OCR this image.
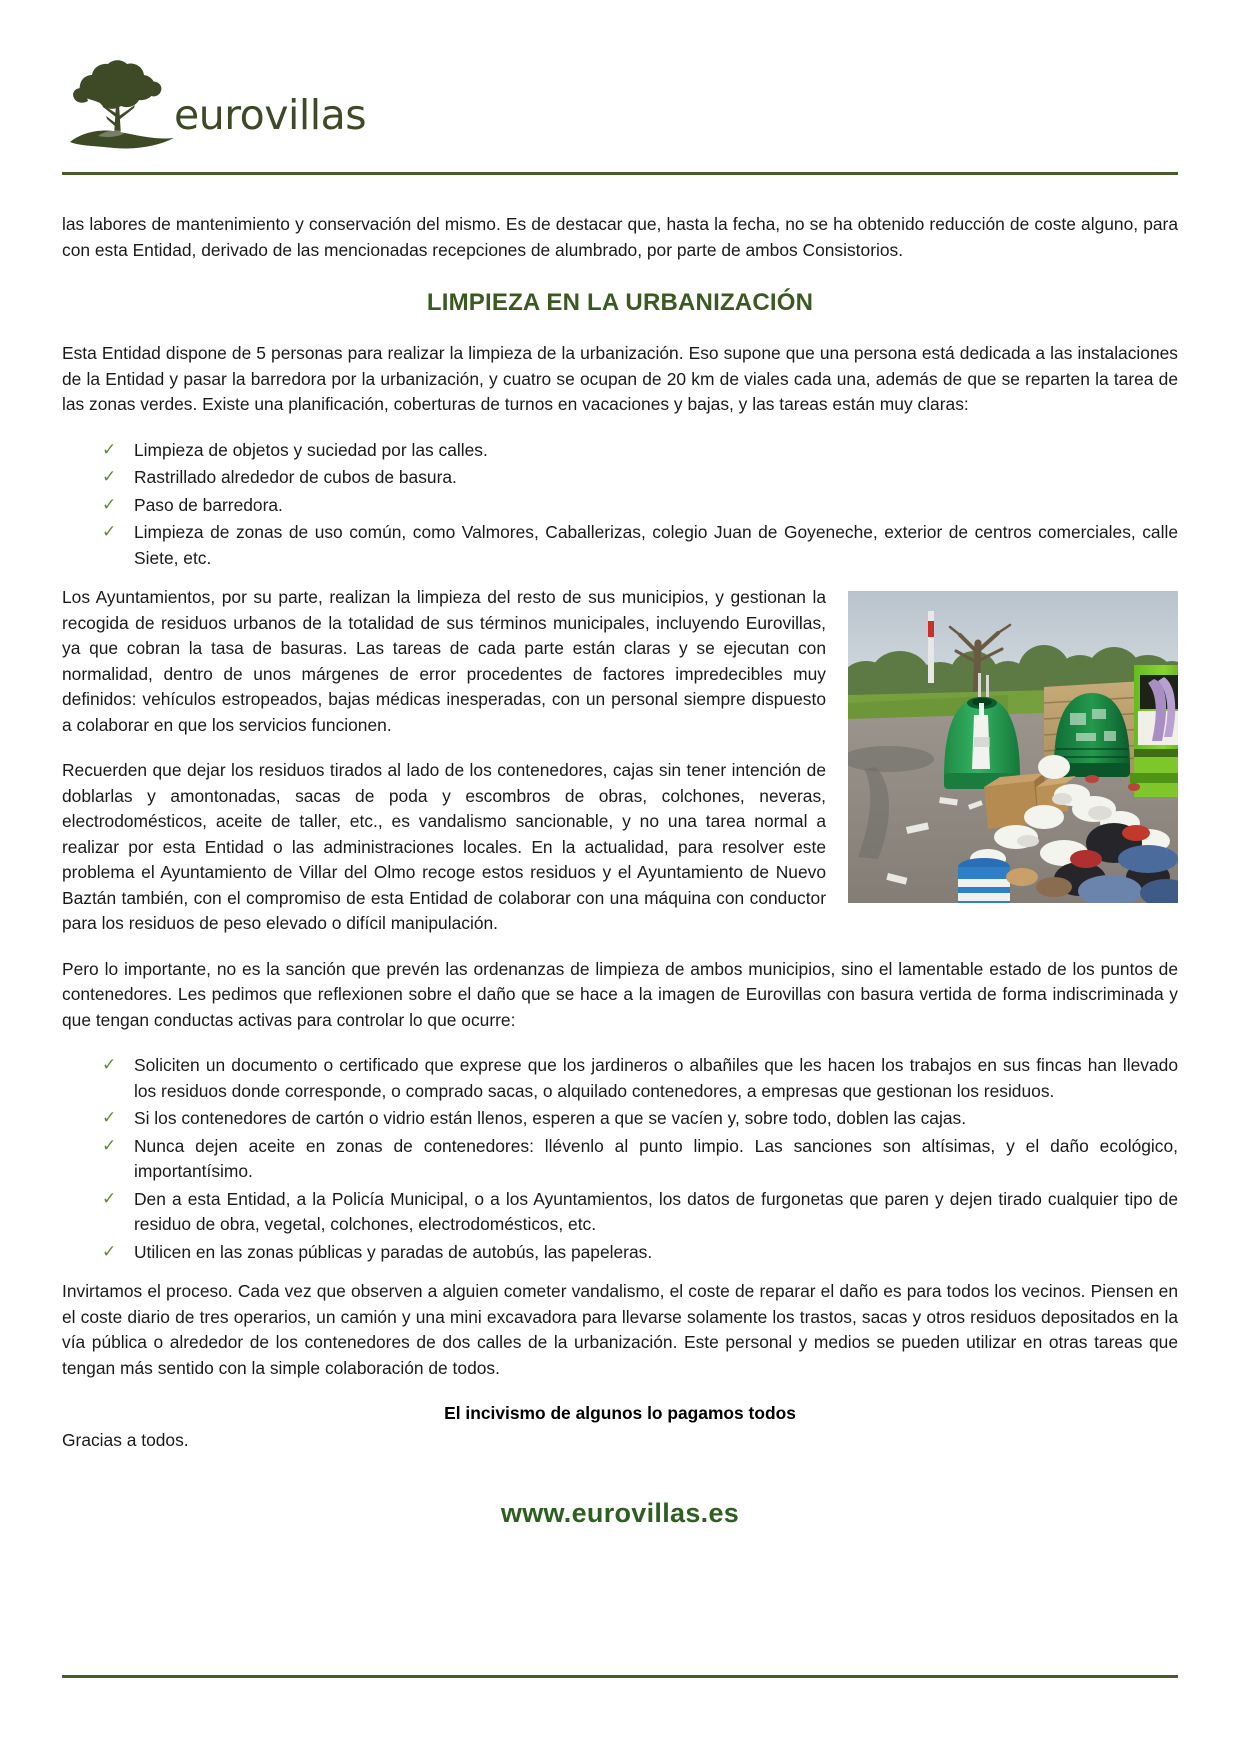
eurovillas

las labores de mantenimiento y conservación del mismo. Es de destacar que, hasta la fecha, no se ha obtenido reducción de coste alguno, para con esta Entidad, derivado de las mencionadas recepciones de alumbrado, por parte de ambos Consistorios.

LIMPIEZA EN LA URBANIZACIÓN

Esta Entidad dispone de 5 personas para realizar la limpieza de la urbanización. Eso supone que una persona está dedicada a las instalaciones de la Entidad y pasar la barredora por la urbanización, y cuatro se ocupan de 20 km de viales cada una, además de que se reparten la tarea de las zonas verdes. Existe una planificación, coberturas de turnos en vacaciones y bajas, y las tareas están muy claras:

✓ Limpieza de objetos y suciedad por las calles.
✓ Rastrillado alrededor de cubos de basura.
✓ Paso de barredora.
✓ Limpieza de zonas de uso común, como Valmores, Caballerizas, colegio Juan de Goyeneche, exterior de centros comerciales, calle Siete, etc.

Los Ayuntamientos, por su parte, realizan la limpieza del resto de sus municipios, y gestionan la recogida de residuos urbanos de la totalidad de sus términos municipales, incluyendo Eurovillas, ya que cobran la tasa de basuras. Las tareas de cada parte están claras y se ejecutan con normalidad, dentro de unos márgenes de error procedentes de factores impredecibles muy definidos: vehículos estropeados, bajas médicas inesperadas, con un personal siempre dispuesto a colaborar en que los servicios funcionen.

Recuerden que dejar los residuos tirados al lado de los contenedores, cajas sin tener intención de doblarlas y amontonadas, sacas de poda y escombros de obras, colchones, neveras, electrodomésticos, aceite de taller, etc., es vandalismo sancionable, y no una tarea normal a realizar por esta Entidad o las administraciones locales. En la actualidad, para resolver este problema el Ayuntamiento de Villar del Olmo recoge estos residuos y el Ayuntamiento de Nuevo Baztán también, con el compromiso de esta Entidad de colaborar con una máquina con conductor para los residuos de peso elevado o difícil manipulación.

Pero lo importante, no es la sanción que prevén las ordenanzas de limpieza de ambos municipios, sino el lamentable estado de los puntos de contenedores. Les pedimos que reflexionen sobre el daño que se hace a la imagen de Eurovillas con basura vertida de forma indiscriminada y que tengan conductas activas para controlar lo que ocurre:

✓ Soliciten un documento o certificado que exprese que los jardineros o albañiles que les hacen los trabajos en sus fincas han llevado los residuos donde corresponde, o comprado sacas, o alquilado contenedores, a empresas que gestionan los residuos.
✓ Si los contenedores de cartón o vidrio están llenos, esperen a que se vacíen y, sobre todo, doblen las cajas.
✓ Nunca dejen aceite en zonas de contenedores: llévenlo al punto limpio. Las sanciones son altísimas, y el daño ecológico, importantísimo.
✓ Den a esta Entidad, a la Policía Municipal, o a los Ayuntamientos, los datos de furgonetas que paren y dejen tirado cualquier tipo de residuo de obra, vegetal, colchones, electrodomésticos, etc.
✓ Utilicen en las zonas públicas y paradas de autobús, las papeleras.

Invirtamos el proceso. Cada vez que observen a alguien cometer vandalismo, el coste de reparar el daño es para todos los vecinos. Piensen en el coste diario de tres operarios, un camión y una mini excavadora para llevarse solamente los trastos, sacas y otros residuos depositados en la vía pública o alrededor de los contenedores de dos calles de la urbanización. Este personal y medios se pueden utilizar en otras tareas que tengan más sentido con la simple colaboración de todos.

El incivismo de algunos lo pagamos todos

Gracias a todos.

www.eurovillas.es
